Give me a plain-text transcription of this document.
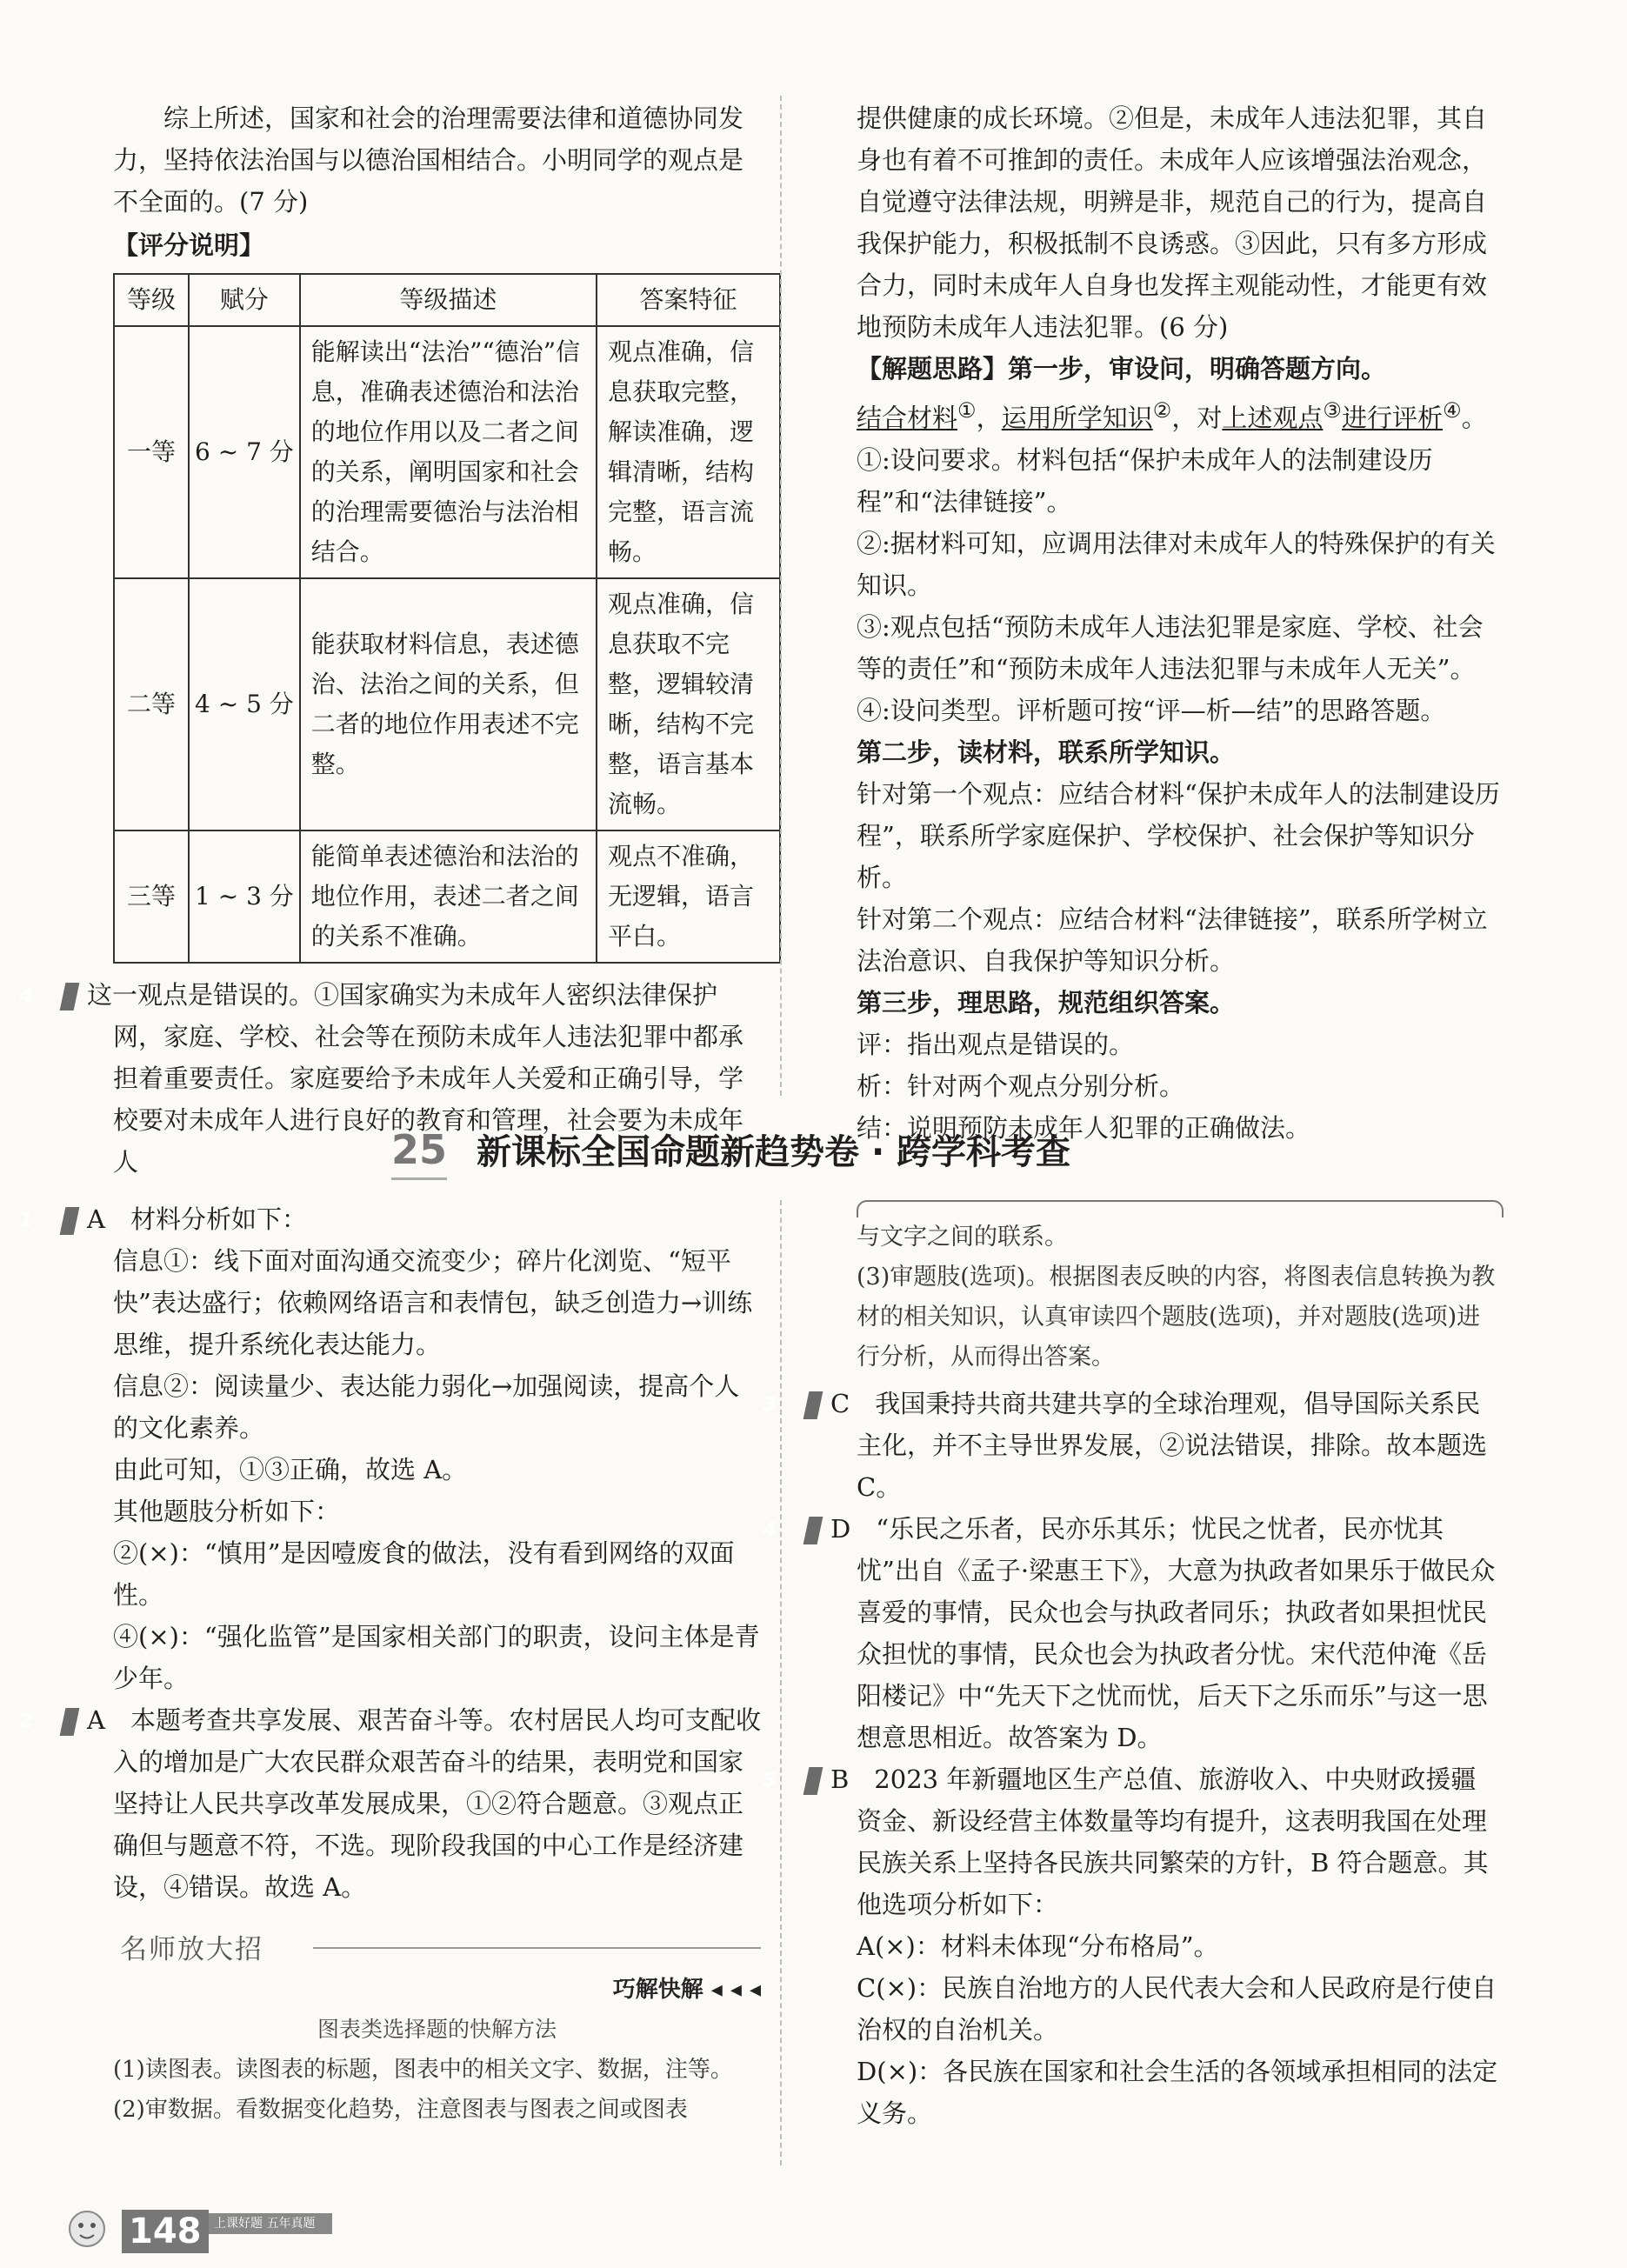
综上所述，国家和社会的治理需要法律和道德协同发力，坚持依法治国与以德治国相结合。小明同学的观点是不全面的。(7 分)

【评分说明】

等级	赋分	等级描述	答案特征
一等	6 ~ 7 分	能解读出“法治”“德治”信息，准确表述德治和法治的地位作用以及二者之间的关系，阐明国家和社会的治理需要德治与法治相结合。	观点准确，信息获取完整，解读准确，逻辑清晰，结构完整，语言流畅。
二等	4 ~ 5 分	能获取材料信息，表述德治、法治之间的关系，但二者的地位作用表述不完整。	观点准确，信息获取不完整，逻辑较清晰，结构不完整，语言基本流畅。
三等	1 ~ 3 分	能简单表述德治和法治的地位作用，表述二者之间的关系不准确。	观点不准确，无逻辑，语言平白。

4 这一观点是错误的。①国家确实为未成年人密织法律保护网，家庭、学校、社会等在预防未成年人违法犯罪中都承担着重要责任。家庭要给予未成年人关爱和正确引导，学校要对未成年人进行良好的教育和管理，社会要为未成年人

提供健康的成长环境。②但是，未成年人违法犯罪，其自身也有着不可推卸的责任。未成年人应该增强法治观念，自觉遵守法律法规，明辨是非，规范自己的行为，提高自我保护能力，积极抵制不良诱惑。③因此，只有多方形成合力，同时未成年人自身也发挥主观能动性，才能更有效地预防未成年人违法犯罪。(6 分)

【解题思路】第一步，审设问，明确答题方向。

结合材料①，运用所学知识②，对上述观点③进行评析④。

①:设问要求。材料包括“保护未成年人的法制建设历程”和“法律链接”。

②:据材料可知，应调用法律对未成年人的特殊保护的有关知识。

③:观点包括“预防未成年人违法犯罪是家庭、学校、社会等的责任”和“预防未成年人违法犯罪与未成年人无关”。

④:设问类型。评析题可按“评—析—结”的思路答题。

第二步，读材料，联系所学知识。

针对第一个观点：应结合材料“保护未成年人的法制建设历程”，联系所学家庭保护、学校保护、社会保护等知识分析。

针对第二个观点：应结合材料“法律链接”，联系所学树立法治意识、自我保护等知识分析。

第三步，理思路，规范组织答案。

评：指出观点是错误的。

析：针对两个观点分别分析。

结：说明预防未成年人犯罪的正确做法。

25 新课标全国命题新趋势卷 · 跨学科考查

1 A　材料分析如下：

信息①：线下面对面沟通交流变少；碎片化浏览、“短平快”表达盛行；依赖网络语言和表情包，缺乏创造力→训练思维，提升系统化表达能力。

信息②：阅读量少、表达能力弱化→加强阅读，提高个人的文化素养。

由此可知，①③正确，故选 A。

其他题肢分析如下：

②(×)：“慎用”是因噎废食的做法，没有看到网络的双面性。

④(×)：“强化监管”是国家相关部门的职责，设问主体是青少年。

2 A　本题考查共享发展、艰苦奋斗等。农村居民人均可支配收入的增加是广大农民群众艰苦奋斗的结果，表明党和国家坚持让人民共享改革发展成果，①②符合题意。③观点正确但与题意不符，不选。现阶段我国的中心工作是经济建设，④错误。故选 A。

名师放大招
巧解快解 ◂ ◂ ◂
图表类选择题的快解方法

(1)读图表。读图表的标题，图表中的相关文字、数据，注等。

(2)审数据。看数据变化趋势，注意图表与图表之间或图表

与文字之间的联系。

(3)审题肢(选项)。根据图表反映的内容，将图表信息转换为教材的相关知识，认真审读四个题肢(选项)，并对题肢(选项)进行分析，从而得出答案。

3 C　我国秉持共商共建共享的全球治理观，倡导国际关系民主化，并不主导世界发展，②说法错误，排除。故本题选 C。

4 D　“乐民之乐者，民亦乐其乐；忧民之忧者，民亦忧其忧”出自《孟子·梁惠王下》，大意为执政者如果乐于做民众喜爱的事情，民众也会与执政者同乐；执政者如果担忧民众担忧的事情，民众也会为执政者分忧。宋代范仲淹《岳阳楼记》中“先天下之忧而忧，后天下之乐而乐”与这一思想意思相近。故答案为 D。

5 B　2023 年新疆地区生产总值、旅游收入、中央财政援疆资金、新设经营主体数量等均有提升，这表明我国在处理民族关系上坚持各民族共同繁荣的方针，B 符合题意。其他选项分析如下：

A(×)：材料未体现“分布格局”。

C(×)：民族自治地方的人民代表大会和人民政府是行使自治权的自治机关。

D(×)：各民族在国家和社会生活的各领域承担相同的法定义务。

148	上课好题 五年真题
